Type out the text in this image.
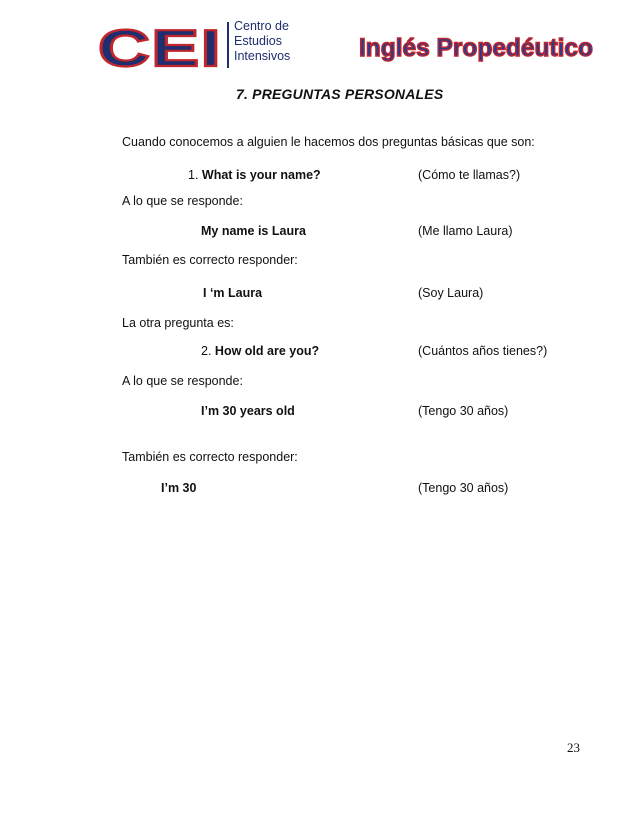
CEI Centro de
Estudios
Intensivos	Inglés Propedéutico
7. PREGUNTAS PERSONALES
Cuando conocemos a alguien le hacemos dos preguntas básicas que son:
1. What is your name?	(Cómo te llamas?)
A lo que se responde:
My name is Laura	(Me llamo Laura)
También es correcto responder:
I ‘m Laura	(Soy Laura)
La otra pregunta es:
2. How old are you?	(Cuántos años tienes?)
A lo que se responde:
I’m 30 years old	(Tengo 30 años)
También es correcto responder:
I’m 30	(Tengo 30 años)
23
